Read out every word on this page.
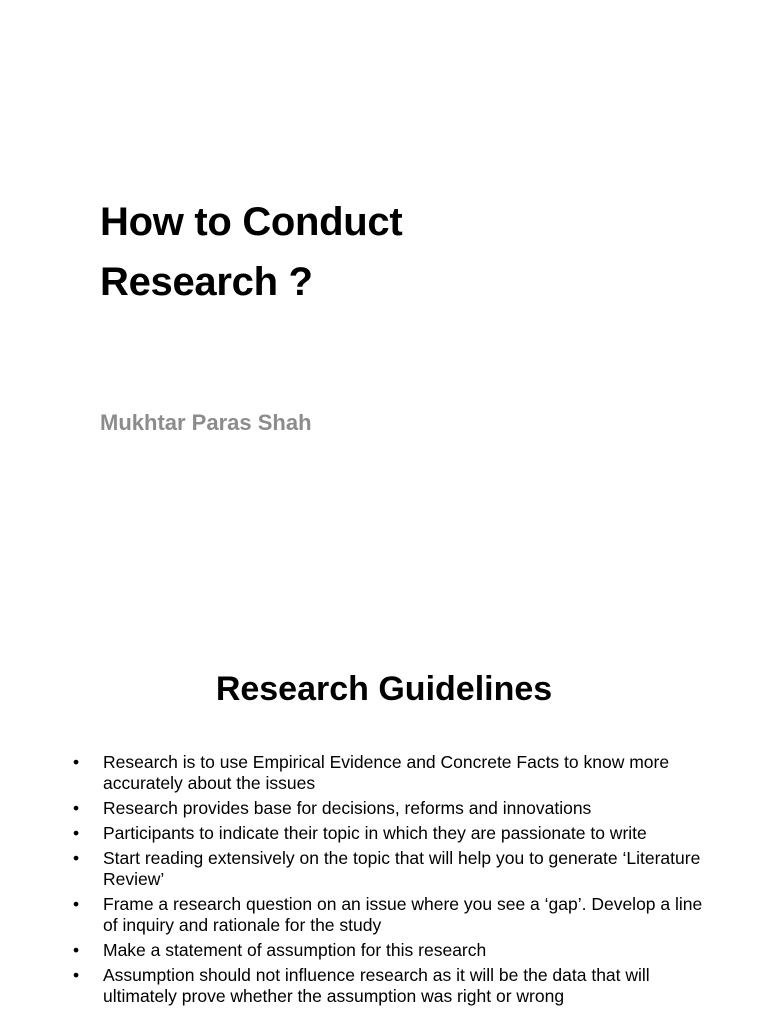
How to Conduct
Research ?

Mukhtar Paras Shah

Research Guidelines
• Research is to use Empirical Evidence and Concrete Facts to know more accurately about the issues
• Research provides base for decisions, reforms and innovations
• Participants to indicate their topic in which they are passionate to write
• Start reading extensively on the topic that will help you to generate ‘Literature Review’
• Frame a research question on an issue where you see a ‘gap’. Develop a line of inquiry and rationale for the study
• Make a statement of assumption for this research
• Assumption should not influence research as it will be the data that will ultimately prove whether the assumption was right or wrong
